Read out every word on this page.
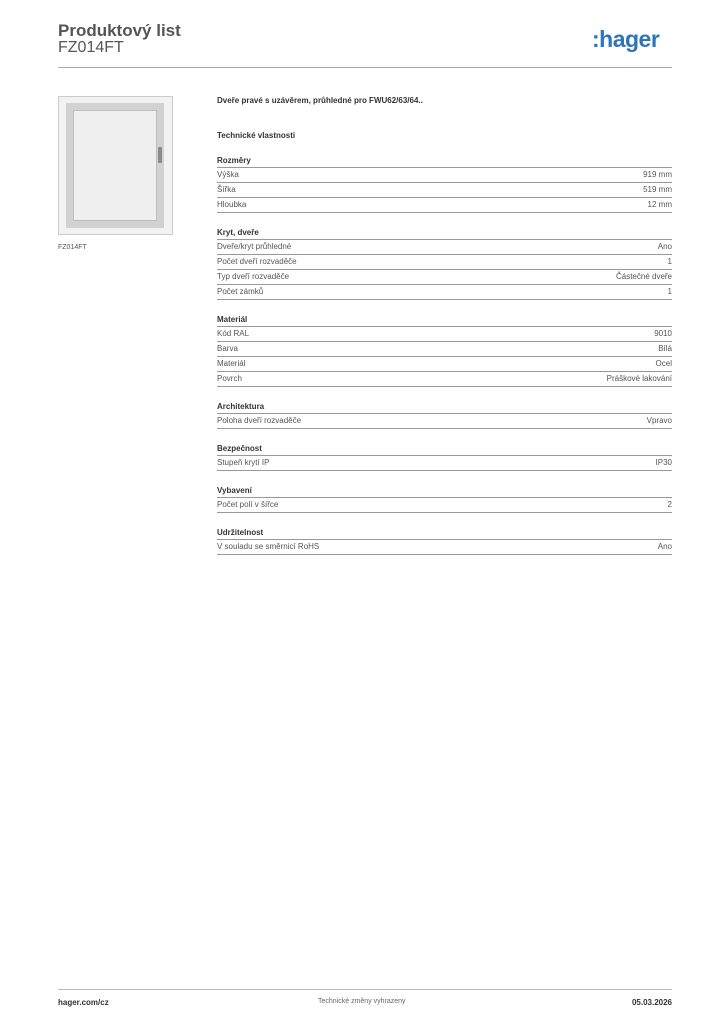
Produktový list
FZ014FT	:hager
FZ014FT
Dveře pravé s uzávěrem, průhledné pro FWU62/63/64..
Technické vlastnosti
Rozměry
Výška	919 mm
Šířka	519 mm
Hloubka	12 mm
Kryt, dveře
Dveře/kryt průhledné	Ano
Počet dveří rozvaděče	1
Typ dveří rozvaděče	Částečné dveře
Počet zámků	1
Materiál
Kód RAL	9010
Barva	Bílá
Materiál	Ocel
Povrch	Práškové lakování
Architektura
Poloha dveří rozvaděče	Vpravo
Bezpečnost
Stupeň krytí IP	IP30
Vybavení
Počet polí v šířce	2
Udržitelnost
V souladu se směrnicí RoHS	Ano
hager.com/cz	Technické změny vyhrazeny	05.03.2026
